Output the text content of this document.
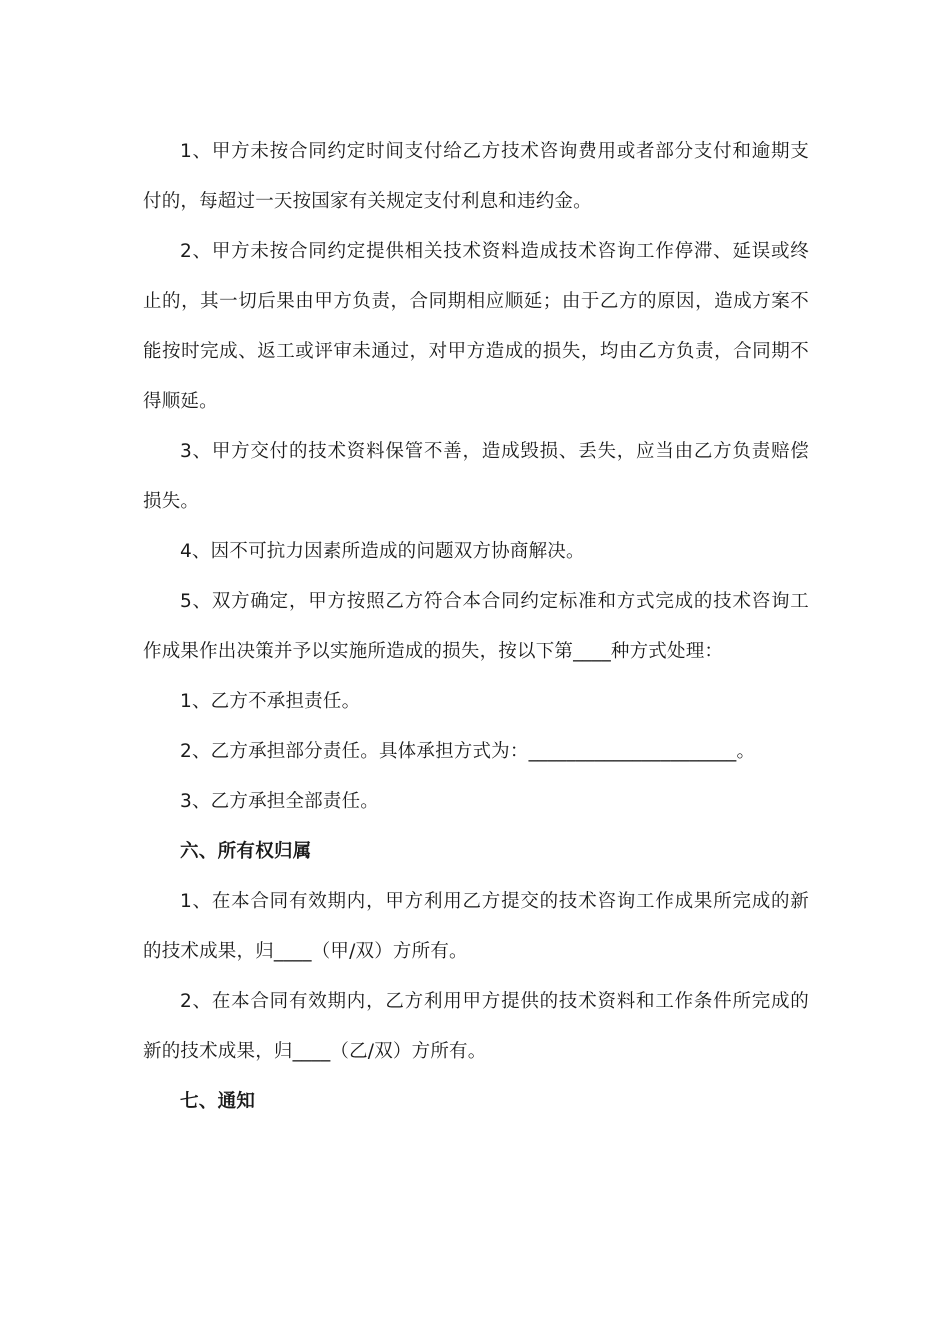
1、甲方未按合同约定时间支付给乙方技术咨询费用或者部分支付和逾期支付的，每超过一天按国家有关规定支付利息和违约金。

2、甲方未按合同约定提供相关技术资料造成技术咨询工作停滞、延误或终止的，其一切后果由甲方负责，合同期相应顺延；由于乙方的原因，造成方案不能按时完成、返工或评审未通过，对甲方造成的损失，均由乙方负责，合同期不得顺延。

3、甲方交付的技术资料保管不善，造成毁损、丢失，应当由乙方负责赔偿损失。

4、因不可抗力因素所造成的问题双方协商解决。

5、双方确定，甲方按照乙方符合本合同约定标准和方式完成的技术咨询工作成果作出决策并予以实施所造成的损失，按以下第____种方式处理：

1、乙方不承担责任。

2、乙方承担部分责任。具体承担方式为：______________________。

3、乙方承担全部责任。

六、所有权归属

1、在本合同有效期内，甲方利用乙方提交的技术咨询工作成果所完成的新的技术成果，归____（甲/双）方所有。

2、在本合同有效期内，乙方利用甲方提供的技术资料和工作条件所完成的新的技术成果，归____（乙/双）方所有。

七、通知
